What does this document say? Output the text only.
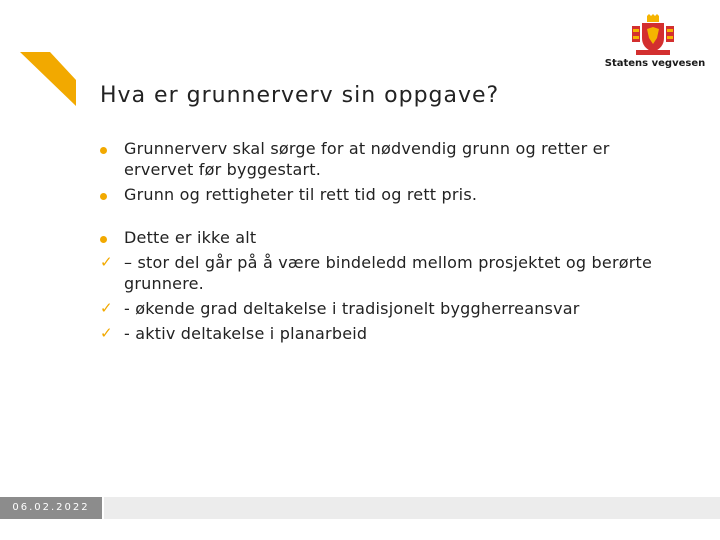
Statens vegvesen
Hva er grunnerverv sin oppgave?
Grunnerverv skal sørge for at nødvendig grunn og retter er ervervet før byggestart.
Grunn og rettigheter til rett tid og rett pris.
Dette er ikke alt
✓ – stor del går på å være bindeledd mellom prosjektet og berørte grunnere.
✓ - økende grad deltakelse i tradisjonelt byggherreansvar
✓ - aktiv deltakelse i planarbeid
06.02.2022
